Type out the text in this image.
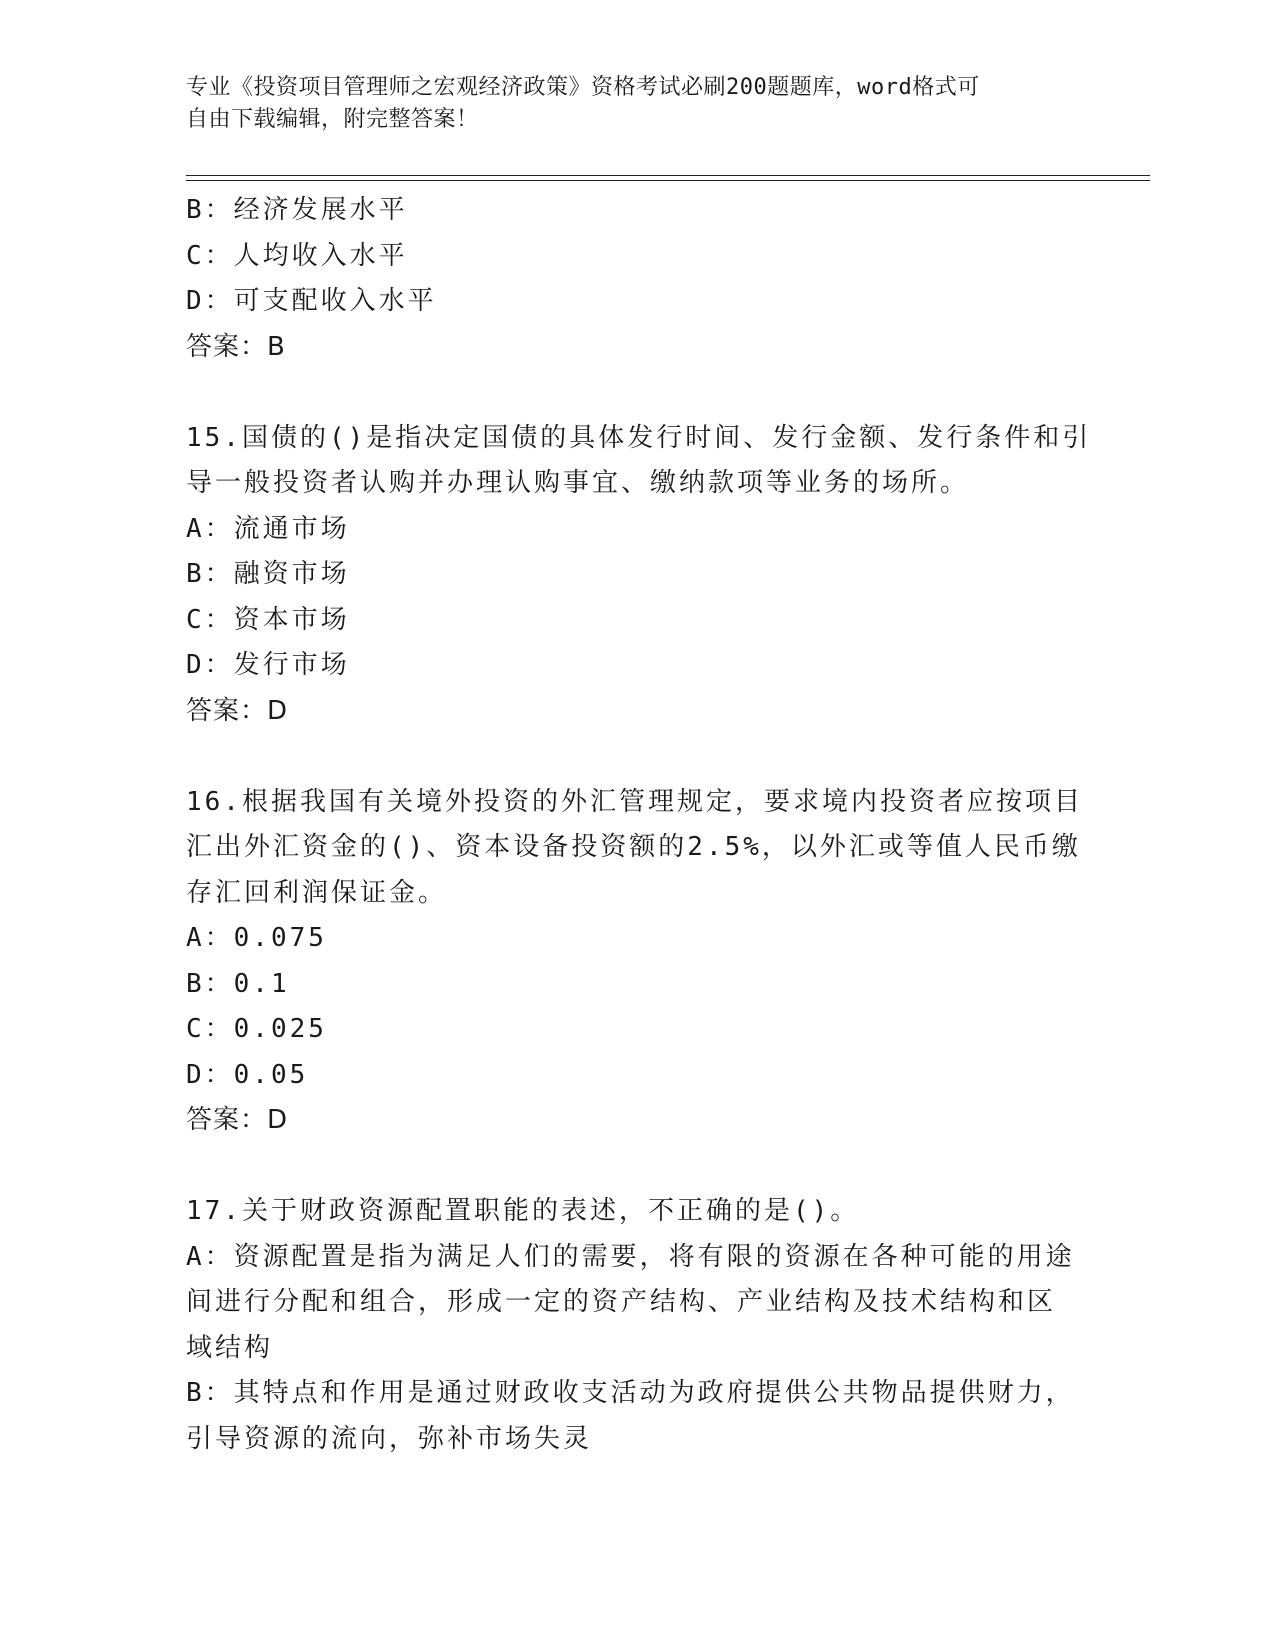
专业《投资项目管理师之宏观经济政策》资格考试必刷200题题库，word格式可
自由下载编辑，附完整答案！
B：经济发展水平
C：人均收入水平
D：可支配收入水平
答案：B
15.国债的()是指决定国债的具体发行时间、发行金额、发行条件和引
导一般投资者认购并办理认购事宜、缴纳款项等业务的场所。
A：流通市场
B：融资市场
C：资本市场
D：发行市场
答案：D
16.根据我国有关境外投资的外汇管理规定，要求境内投资者应按项目
汇出外汇资金的()、资本设备投资额的2.5%，以外汇或等值人民币缴
存汇回利润保证金。
A：0.075
B：0.1
C：0.025
D：0.05
答案：D
17.关于财政资源配置职能的表述，不正确的是()。
A：资源配置是指为满足人们的需要，将有限的资源在各种可能的用途
间进行分配和组合，形成一定的资产结构、产业结构及技术结构和区
域结构
B：其特点和作用是通过财政收支活动为政府提供公共物品提供财力，
引导资源的流向，弥补市场失灵
